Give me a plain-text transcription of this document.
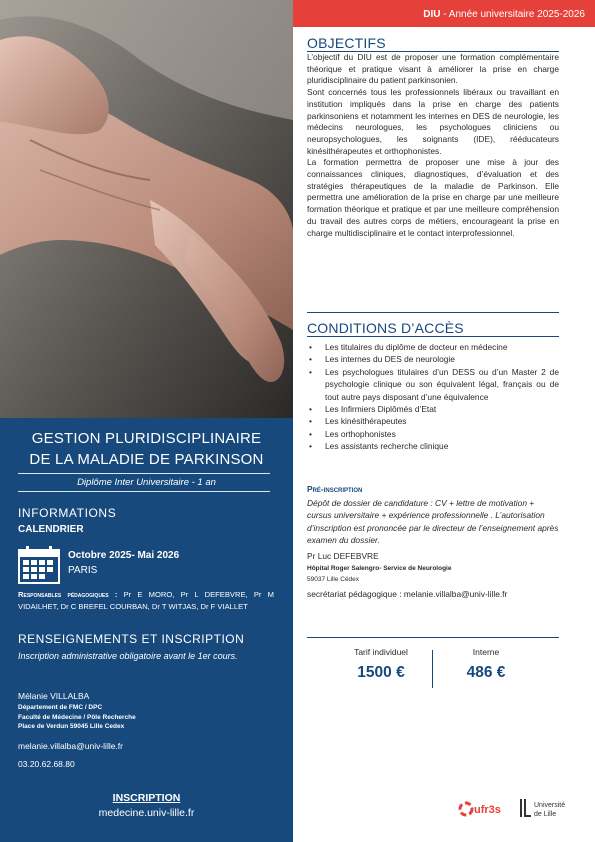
GESTION PLURIDISCIPLINAIRE
DE LA MALADIE DE PARKINSON
Diplôme Inter Universitaire - 1 an
INFORMATIONS
CALENDRIER
Octobre 2025- Mai 2026
PARIS
Responsables pédagogiques : Pr E MORO, Pr L DEFEBVRE, Pr M VIDAILHET, Dr C BREFEL COURBAN, Dr T WITJAS, Dr F VIALLET
RENSEIGNEMENTS ET INSCRIPTION
Inscription administrative obligatoire avant le 1er cours.
Mélanie VILLALBA
Département de FMC / DPC
Faculté de Médecine / Pôle Recherche
Place de Verdun 59045 Lille Cedex
melanie.villalba@univ-lille.fr
03.20.62.68.80
INSCRIPTION
medecine.univ-lille.fr
DIU - Année universitaire 2025-2026
OBJECTIFS

L’objectif du DIU est de proposer une formation complémentaire théorique et pratique visant à améliorer la prise en charge pluridisciplinaire du patient parkinsonien.

Sont concernés tous les professionnels libéraux ou travaillant en institution impliqués dans la prise en charge des patients parkinsoniens et notamment les internes en DES de neurologie, les médecins neurologues, les psychologues cliniciens ou neuropsychologues, les soignants (IDE), rééducateurs kinésithérapeutes et orthophonistes.

La formation permettra de proposer une mise à jour des connaissances cliniques, diagnostiques, d’évaluation et des stratégies thérapeutiques de la maladie de Parkinson. Elle permettra une amélioration de la prise en charge par une meilleure formation théorique et pratique et par une meilleure compréhension du travail des autres corps de métiers, encourageant la prise en charge multidisciplinaire et le contact interprofessionnel.

CONDITIONS D’ACCÈS
• Les titulaires du diplôme de docteur en médecine
• Les internes du DES de neurologie
• Les psychologues titulaires d’un DESS ou d’un Master 2 de psychologie clinique ou son équivalent légal, français ou de tout autre pays disposant d’une équivalence
• Les Infirmiers Diplômés d’Etat
• Les kinésithérapeutes
• Les orthophonistes
• Les assistants recherche clinique
Pré-inscription
Dépôt de dossier de candidature : CV + lettre de motivation + cursus universitaire + expérience professionnelle . L’autorisation d’inscription est prononcée par le directeur de l’enseignement après examen du dossier.
Pr Luc DEFEBVRE
Hôpital Roger Salengro- Service de Neurologie
59037 Lille Cédex
secrétariat pédagogique : melanie.villalba@univ-lille.fr
Tarif individuel
1500 €
Interne
486 €
ufr3s	Université
de Lille
